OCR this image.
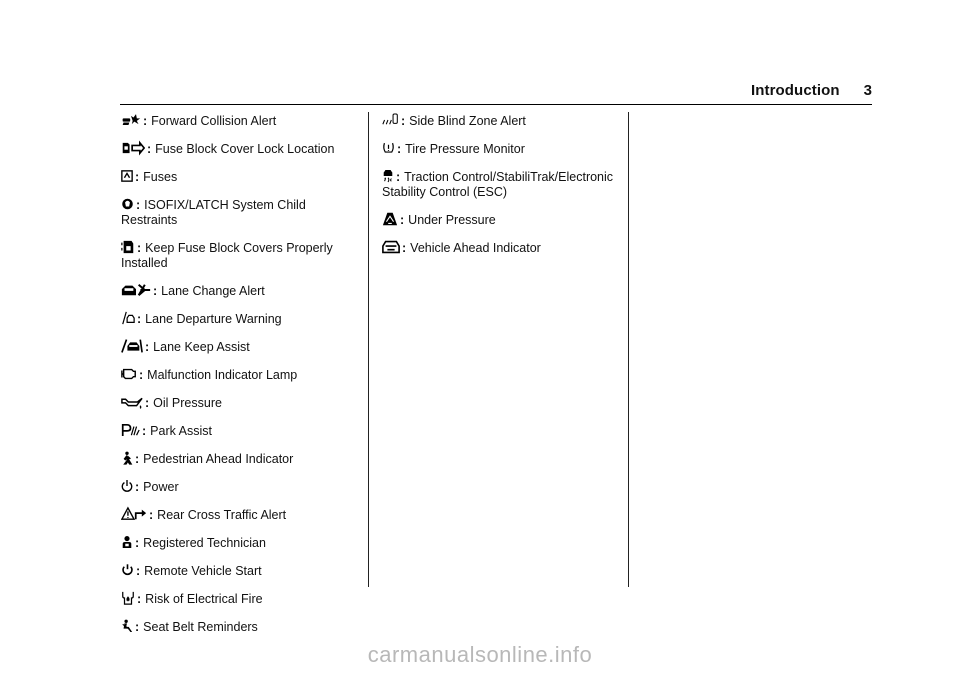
Introduction 3
: Forward Collision Alert
: Fuse Block Cover Lock Location
: Fuses
: ISOFIX/LATCH System Child Restraints
: Keep Fuse Block Covers Properly Installed
: Lane Change Alert
: Lane Departure Warning
: Lane Keep Assist
: Malfunction Indicator Lamp
: Oil Pressure
: Park Assist
: Pedestrian Ahead Indicator
: Power
: Rear Cross Traffic Alert
: Registered Technician
: Remote Vehicle Start
: Risk of Electrical Fire
: Seat Belt Reminders
: Side Blind Zone Alert
: Tire Pressure Monitor
: Traction Control/StabiliTrak/Electronic Stability Control (ESC)
: Under Pressure
: Vehicle Ahead Indicator
carmanualsonline.info
